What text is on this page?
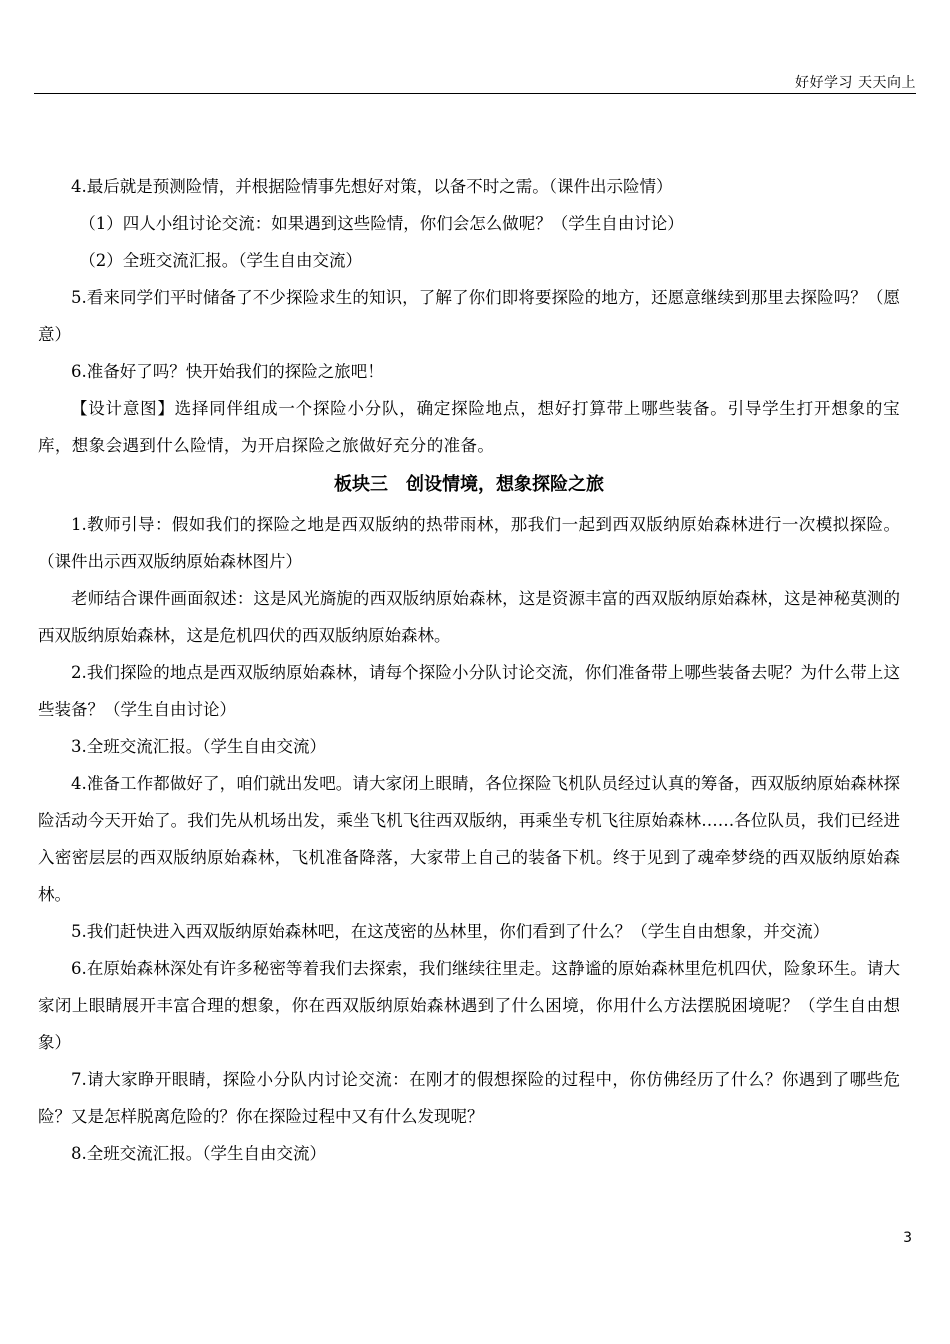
好好学习 天天向上

4.最后就是预测险情，并根据险情事先想好对策，以备不时之需。（课件出示险情）

（1）四人小组讨论交流：如果遇到这些险情，你们会怎么做呢？（学生自由讨论）

（2）全班交流汇报。（学生自由交流）

5.看来同学们平时储备了不少探险求生的知识，了解了你们即将要探险的地方，还愿意继续到那里去探险吗？（愿意）

6.准备好了吗？快开始我们的探险之旅吧！

【设计意图】选择同伴组成一个探险小分队，确定探险地点，想好打算带上哪些装备。引导学生打开想象的宝库，想象会遇到什么险情，为开启探险之旅做好充分的准备。

板块三　创设情境，想象探险之旅

1.教师引导：假如我们的探险之地是西双版纳的热带雨林，那我们一起到西双版纳原始森林进行一次模拟探险。（课件出示西双版纳原始森林图片）

老师结合课件画面叙述：这是风光旖旎的西双版纳原始森林，这是资源丰富的西双版纳原始森林，这是神秘莫测的西双版纳原始森林，这是危机四伏的西双版纳原始森林。

2.我们探险的地点是西双版纳原始森林，请每个探险小分队讨论交流，你们准备带上哪些装备去呢？为什么带上这些装备？（学生自由讨论）

3.全班交流汇报。（学生自由交流）

4.准备工作都做好了，咱们就出发吧。请大家闭上眼睛，各位探险飞机队员经过认真的筹备，西双版纳原始森林探险活动今天开始了。我们先从机场出发，乘坐飞机飞往西双版纳，再乘坐专机飞往原始森林……各位队员，我们已经进入密密层层的西双版纳原始森林，飞机准备降落，大家带上自己的装备下机。终于见到了魂牵梦绕的西双版纳原始森林。

5.我们赶快进入西双版纳原始森林吧，在这茂密的丛林里，你们看到了什么？（学生自由想象，并交流）

6.在原始森林深处有许多秘密等着我们去探索，我们继续往里走。这静谧的原始森林里危机四伏，险象环生。请大家闭上眼睛展开丰富合理的想象，你在西双版纳原始森林遇到了什么困境，你用什么方法摆脱困境呢？（学生自由想象）

7.请大家睁开眼睛，探险小分队内讨论交流：在刚才的假想探险的过程中，你仿佛经历了什么？你遇到了哪些危险？又是怎样脱离危险的？你在探险过程中又有什么发现呢？

8.全班交流汇报。（学生自由交流）

3
